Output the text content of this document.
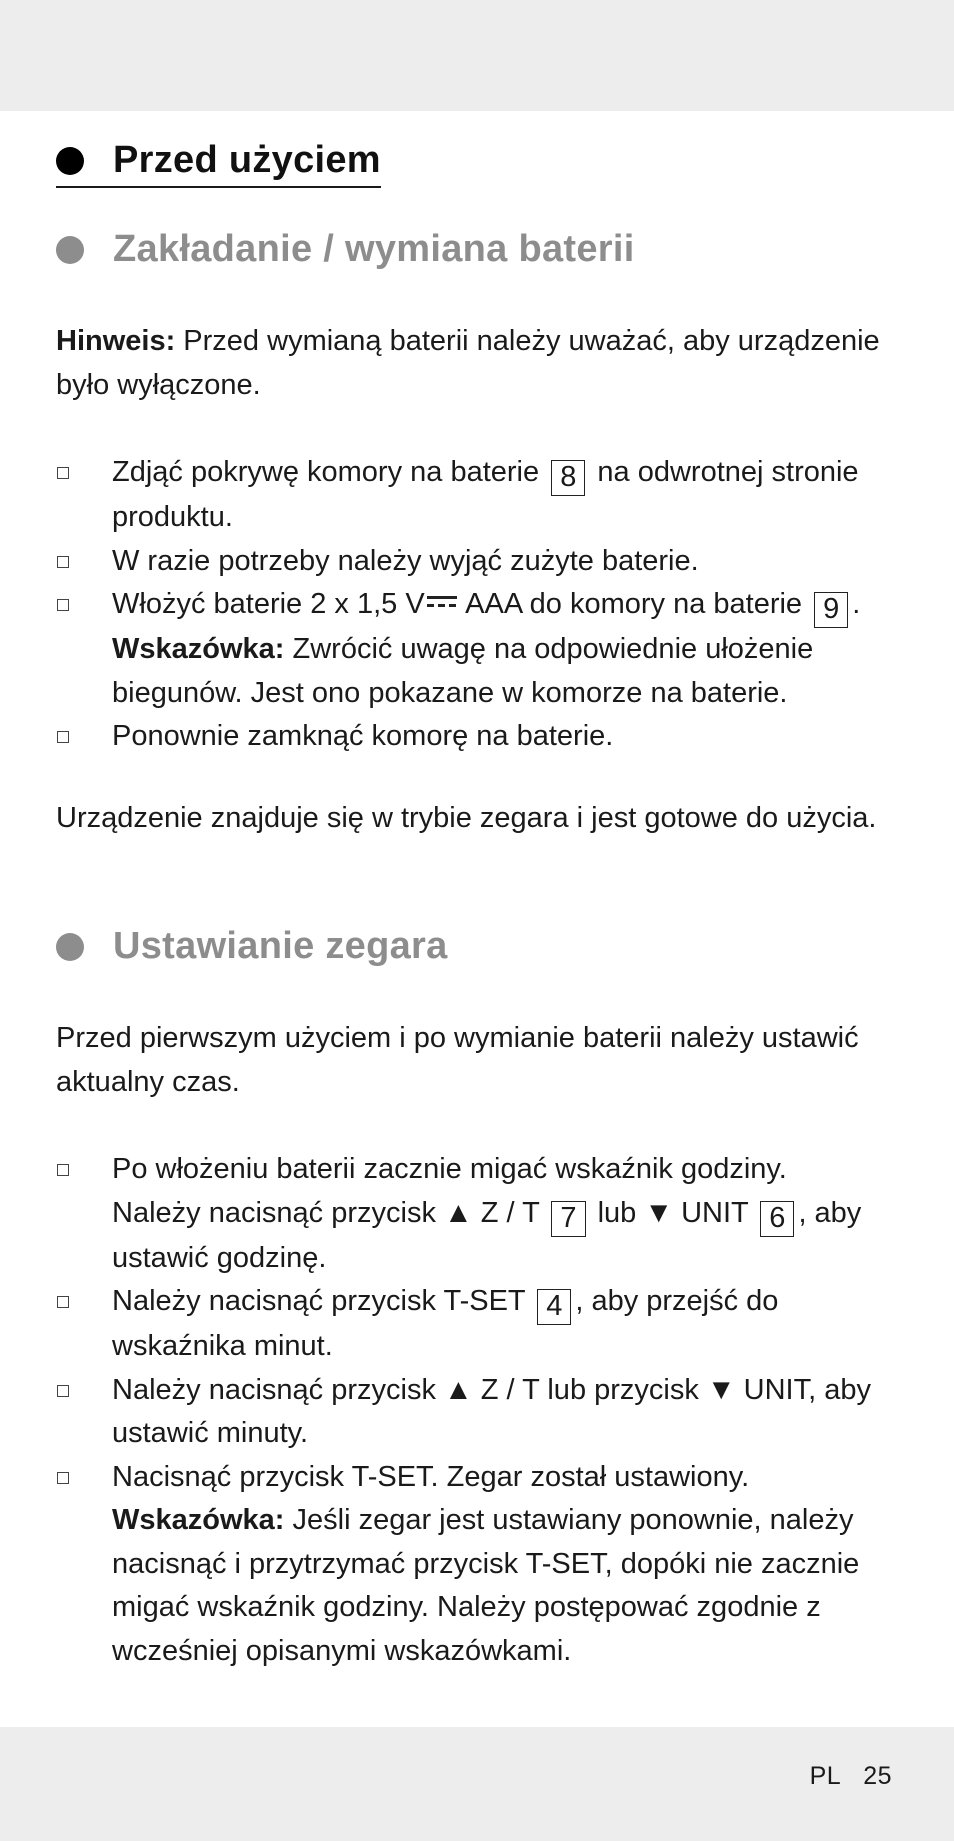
Przed użyciem
Zakładanie / wymiana baterii

Hinweis: Przed wymianą baterii należy uważać, aby urządzenie było wyłączone.

Zdjąć pokrywę komory na baterie 8 na odwrotnej stronie produktu.
W razie potrzeby należy wyjąć zużyte baterie.
Włożyć baterie 2 x 1,5 V AAA do komory na baterie 9 .
Wskazówka: Zwrócić uwagę na odpowiednie ułożenie biegunów. Jest ono pokazane w komorze na baterie.
Ponownie zamknąć komorę na baterie.

Urządzenie znajduje się w trybie zegara i jest gotowe do użycia.

Ustawianie zegara

Przed pierwszym użyciem i po wymianie baterii należy ustawić aktualny czas.

Po włożeniu baterii zacznie migać wskaźnik godziny.
Należy nacisnąć przycisk ▲ Z / T 7 lub ▼ UNIT 6 , aby ustawić godzinę.
Należy nacisnąć przycisk T-SET 4 , aby przejść do wskaźnika minut.
Należy nacisnąć przycisk ▲ Z / T lub przycisk ▼ UNIT, aby ustawić minuty.
Nacisnąć przycisk T-SET. Zegar został ustawiony.
Wskazówka: Jeśli zegar jest ustawiany ponownie, należy nacisnąć i przytrzymać przycisk T-SET, dopóki nie zacznie migać wskaźnik godziny. Należy postępować zgodnie z wcześniej opisanymi wskazówkami.
PL 25
